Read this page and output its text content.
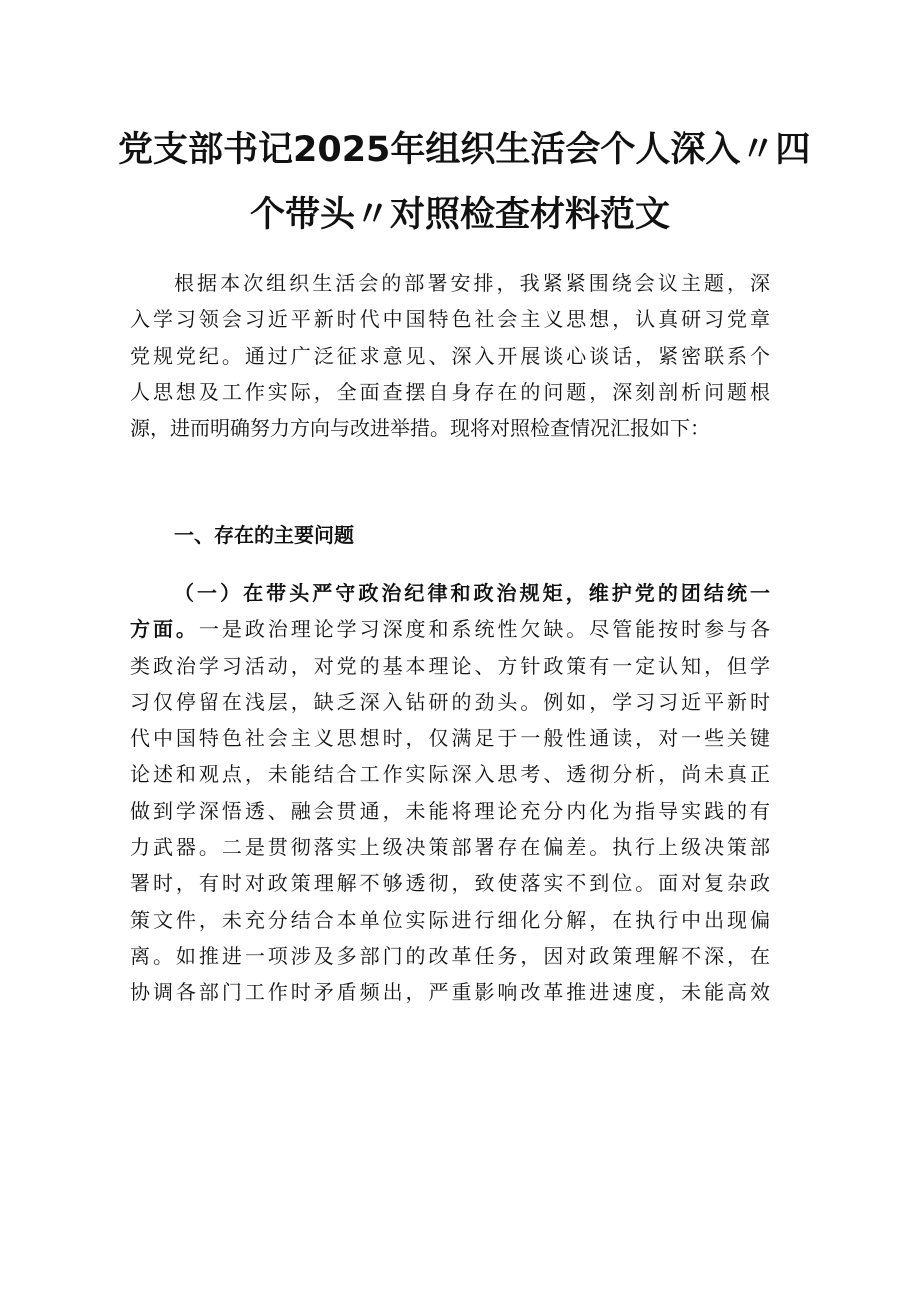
党支部书记2025年组织生活会个人深入〃四
个带头〃对照检查材料范文
根据本次组织生活会的部署安排，我紧紧围绕会议主题，深
入学习领会习近平新时代中国特色社会主义思想，认真研习党章
党规党纪。通过广泛征求意见、深入开展谈心谈话，紧密联系个
人思想及工作实际，全面查摆自身存在的问题，深刻剖析问题根
源，进而明确努力方向与改进举措。现将对照检查情况汇报如下：
一、存在的主要问题
（一）在带头严守政治纪律和政治规矩，维护党的团结统一
方面。一是政治理论学习深度和系统性欠缺。尽管能按时参与各
类政治学习活动，对党的基本理论、方针政策有一定认知，但学
习仅停留在浅层，缺乏深入钻研的劲头。例如，学习习近平新时
代中国特色社会主义思想时，仅满足于一般性通读，对一些关键
论述和观点，未能结合工作实际深入思考、透彻分析，尚未真正
做到学深悟透、融会贯通，未能将理论充分内化为指导实践的有
力武器。二是贯彻落实上级决策部署存在偏差。执行上级决策部
署时，有时对政策理解不够透彻，致使落实不到位。面对复杂政
策文件，未充分结合本单位实际进行细化分解，在执行中出现偏
离。如推进一项涉及多部门的改革任务，因对政策理解不深，在
协调各部门工作时矛盾频出，严重影响改革推进速度，未能高效
